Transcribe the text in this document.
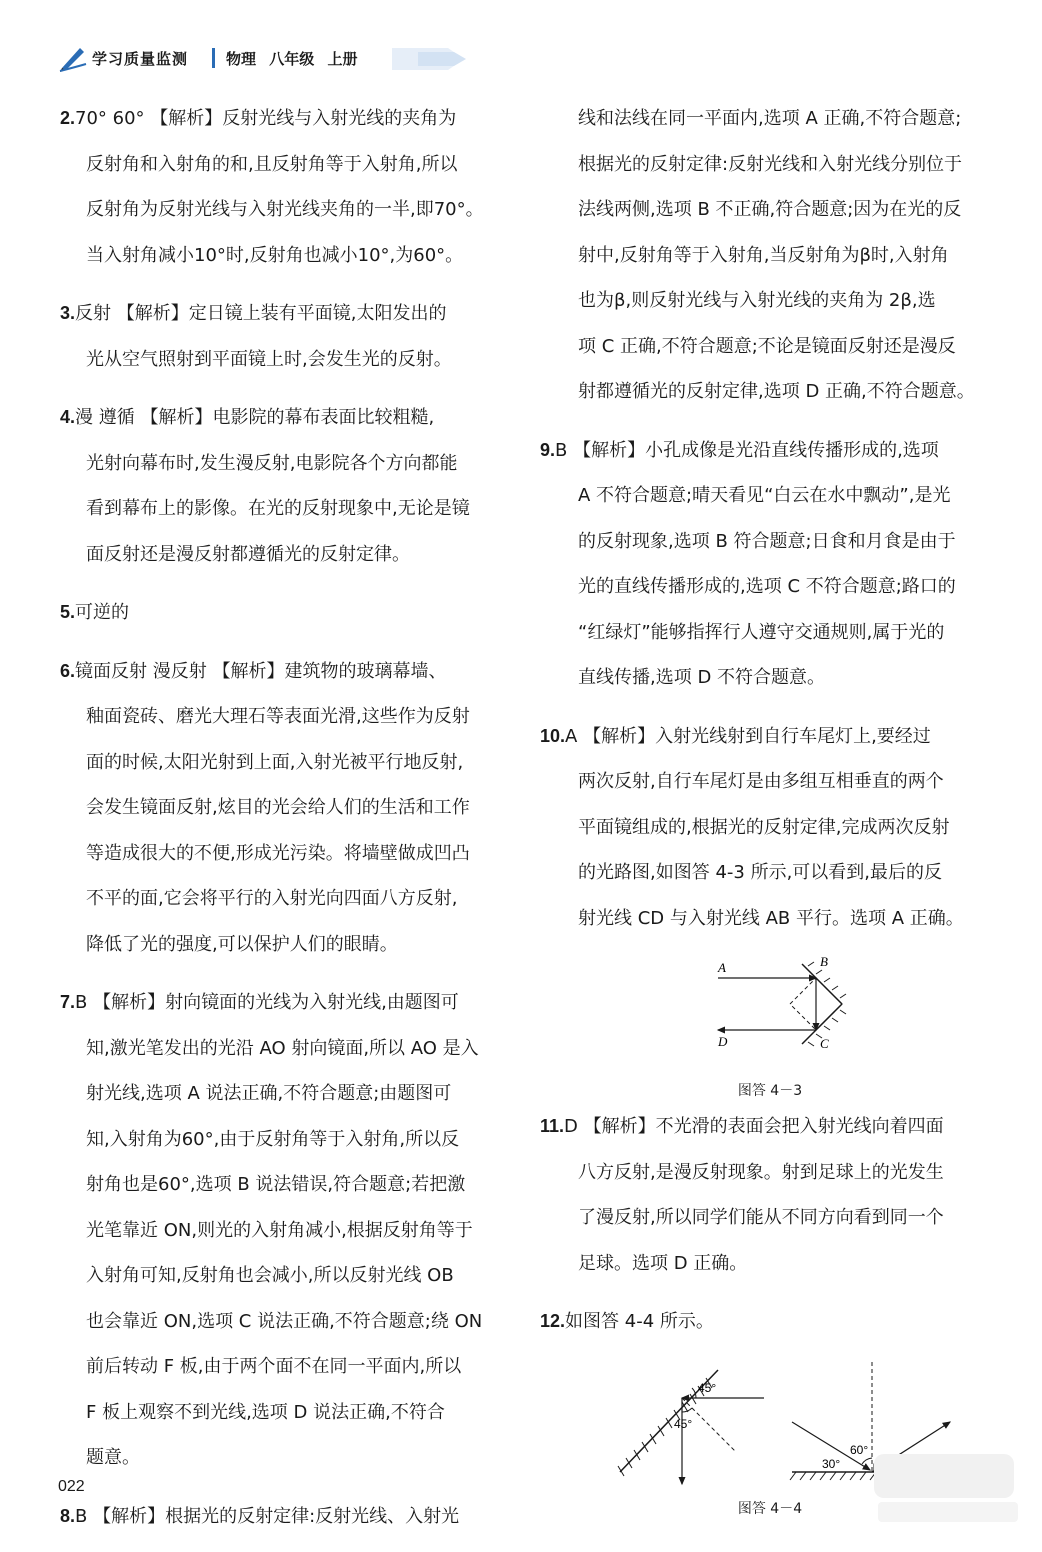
学习质量监测	物理 八年级 上册
2.70° 60° 【解析】反射光线与入射光线的夹角为
反射角和入射角的和,且反射角等于入射角,所以
反射角为反射光线与入射光线夹角的一半,即70°。
当入射角减小10°时,反射角也减小10°,为60°。
3.反射 【解析】定日镜上装有平面镜,太阳发出的
光从空气照射到平面镜上时,会发生光的反射。
4.漫 遵循 【解析】电影院的幕布表面比较粗糙,
光射向幕布时,发生漫反射,电影院各个方向都能
看到幕布上的影像。在光的反射现象中,无论是镜
面反射还是漫反射都遵循光的反射定律。
5.可逆的
6.镜面反射 漫反射 【解析】建筑物的玻璃幕墙、
釉面瓷砖、磨光大理石等表面光滑,这些作为反射
面的时候,太阳光射到上面,入射光被平行地反射,
会发生镜面反射,炫目的光会给人们的生活和工作
等造成很大的不便,形成光污染。将墙壁做成凹凸
不平的面,它会将平行的入射光向四面八方反射,
降低了光的强度,可以保护人们的眼睛。
7.B 【解析】射向镜面的光线为入射光线,由题图可
知,激光笔发出的光沿 AO 射向镜面,所以 AO 是入
射光线,选项 A 说法正确,不符合题意;由题图可
知,入射角为60°,由于反射角等于入射角,所以反
射角也是60°,选项 B 说法错误,符合题意;若把激
光笔靠近 ON,则光的入射角减小,根据反射角等于
入射角可知,反射角也会减小,所以反射光线 OB
也会靠近 ON,选项 C 说法正确,不符合题意;绕 ON
前后转动 F 板,由于两个面不在同一平面内,所以
F 板上观察不到光线,选项 D 说法正确,不符合
题意。
8.B 【解析】根据光的反射定律:反射光线、入射光
线和法线在同一平面内,选项 A 正确,不符合题意;
根据光的反射定律:反射光线和入射光线分别位于
法线两侧,选项 B 不正确,符合题意;因为在光的反
射中,反射角等于入射角,当反射角为β时,入射角
也为β,则反射光线与入射光线的夹角为 2β,选
项 C 正确,不符合题意;不论是镜面反射还是漫反
射都遵循光的反射定律,选项 D 正确,不符合题意。
9.B 【解析】小孔成像是光沿直线传播形成的,选项
A 不符合题意;晴天看见“白云在水中飘动”,是光
的反射现象,选项 B 符合题意;日食和月食是由于
光的直线传播形成的,选项 C 不符合题意;路口的
“红绿灯”能够指挥行人遵守交通规则,属于光的
直线传播,选项 D 不符合题意。
10.A 【解析】入射光线射到自行车尾灯上,要经过
两次反射,自行车尾灯是由多组互相垂直的两个
平面镜组成的,根据光的反射定律,完成两次反射
的光路图,如图答 4-3 所示,可以看到,最后的反
射光线 CD 与入射光线 AB 平行。选项 A 正确。
A	B
C
D
图答 4－3
11.D 【解析】不光滑的表面会把入射光线向着四面
八方反射,是漫反射现象。射到足球上的光发生
了漫反射,所以同学们能从不同方向看到同一个
足球。选项 D 正确。
12.如图答 4-4 所示。
45°
45°
60°
30°
图答 4－4
022
